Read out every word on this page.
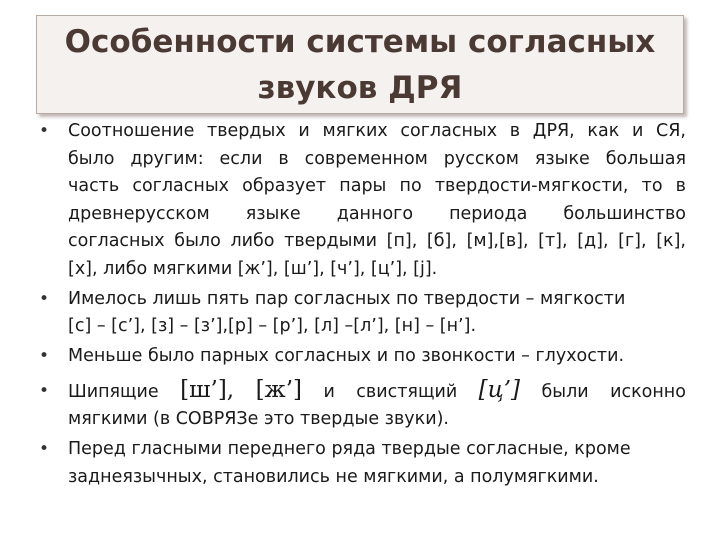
Особенности системы согласных
звуков ДРЯ
• Соотношение твердых и мягких согласных в ДРЯ, как и СЯ,
было другим: если в современном русском языке большая
часть согласных образует пары по твердости-мягкости, то в
древнерусском языке данного периода большинство
согласных было либо твердыми [п], [б], [м],[в], [т], [д], [г], [к],
[х], либо мягкими [ж’], [ш’], [ч’], [ц’], [j].
• Имелось лишь пять пар согласных по твердости – мягкости
[с] – [с’], [з] – [з’],[р] – [р’], [л] –[л’], [н] – [н’].
• Меньше было парных согласных и по звонкости – глухости.
• Шипящие [ш’], [ж’] и свистящий [ц’] были исконно
мягкими (в СОВРЯЗе это твердые звуки).
• Перед гласными переднего ряда твердые согласные, кроме
заднеязычных, становились не мягкими, а полумягкими.
